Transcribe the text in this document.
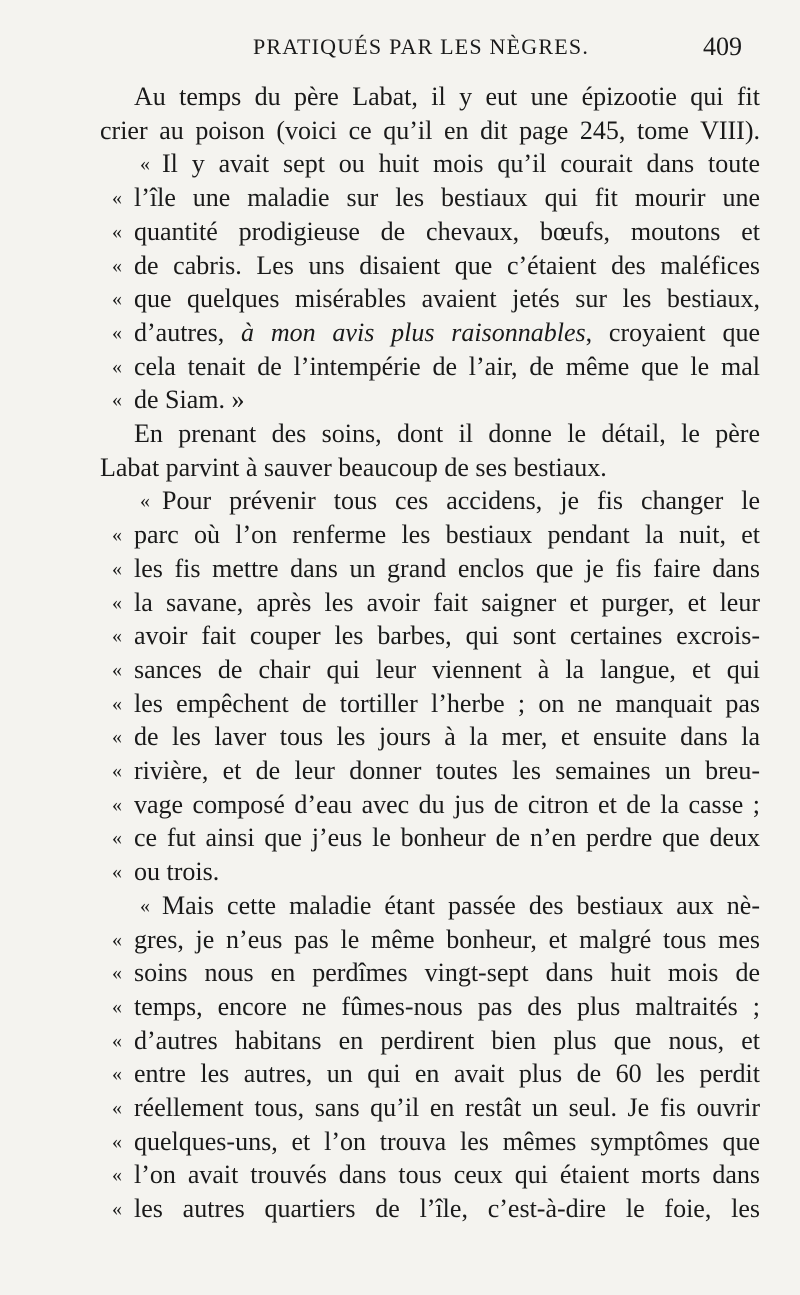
PRATIQUÉS PAR LES NÈGRES.	409
Au temps du père Labat, il y eut une épizootie qui fit
crier au poison (voici ce qu’il en dit page 245, tome VIII).
« Il y avait sept ou huit mois qu’il courait dans toute
« l’île une maladie sur les bestiaux qui fit mourir une
« quantité prodigieuse de chevaux, bœufs, moutons et
« de cabris. Les uns disaient que c’étaient des maléfices
« que quelques misérables avaient jetés sur les bestiaux,
« d’autres, à mon avis plus raisonnables, croyaient que
« cela tenait de l’intempérie de l’air, de même que le mal
« de Siam. »
En prenant des soins, dont il donne le détail, le père
Labat parvint à sauver beaucoup de ses bestiaux.
« Pour prévenir tous ces accidens, je fis changer le
« parc où l’on renferme les bestiaux pendant la nuit, et
« les fis mettre dans un grand enclos que je fis faire dans
« la savane, après les avoir fait saigner et purger, et leur
« avoir fait couper les barbes, qui sont certaines excrois-
« sances de chair qui leur viennent à la langue, et qui
« les empêchent de tortiller l’herbe ; on ne manquait pas
« de les laver tous les jours à la mer, et ensuite dans la
« rivière, et de leur donner toutes les semaines un breu-
« vage composé d’eau avec du jus de citron et de la casse ;
« ce fut ainsi que j’eus le bonheur de n’en perdre que deux
« ou trois.
« Mais cette maladie étant passée des bestiaux aux nè-
« gres, je n’eus pas le même bonheur, et malgré tous mes
« soins nous en perdîmes vingt-sept dans huit mois de
« temps, encore ne fûmes-nous pas des plus maltraités ;
« d’autres habitans en perdirent bien plus que nous, et
« entre les autres, un qui en avait plus de 60 les perdit
« réellement tous, sans qu’il en restât un seul. Je fis ouvrir
« quelques-uns, et l’on trouva les mêmes symptômes que
« l’on avait trouvés dans tous ceux qui étaient morts dans
« les autres quartiers de l’île, c’est-à-dire le foie, les
